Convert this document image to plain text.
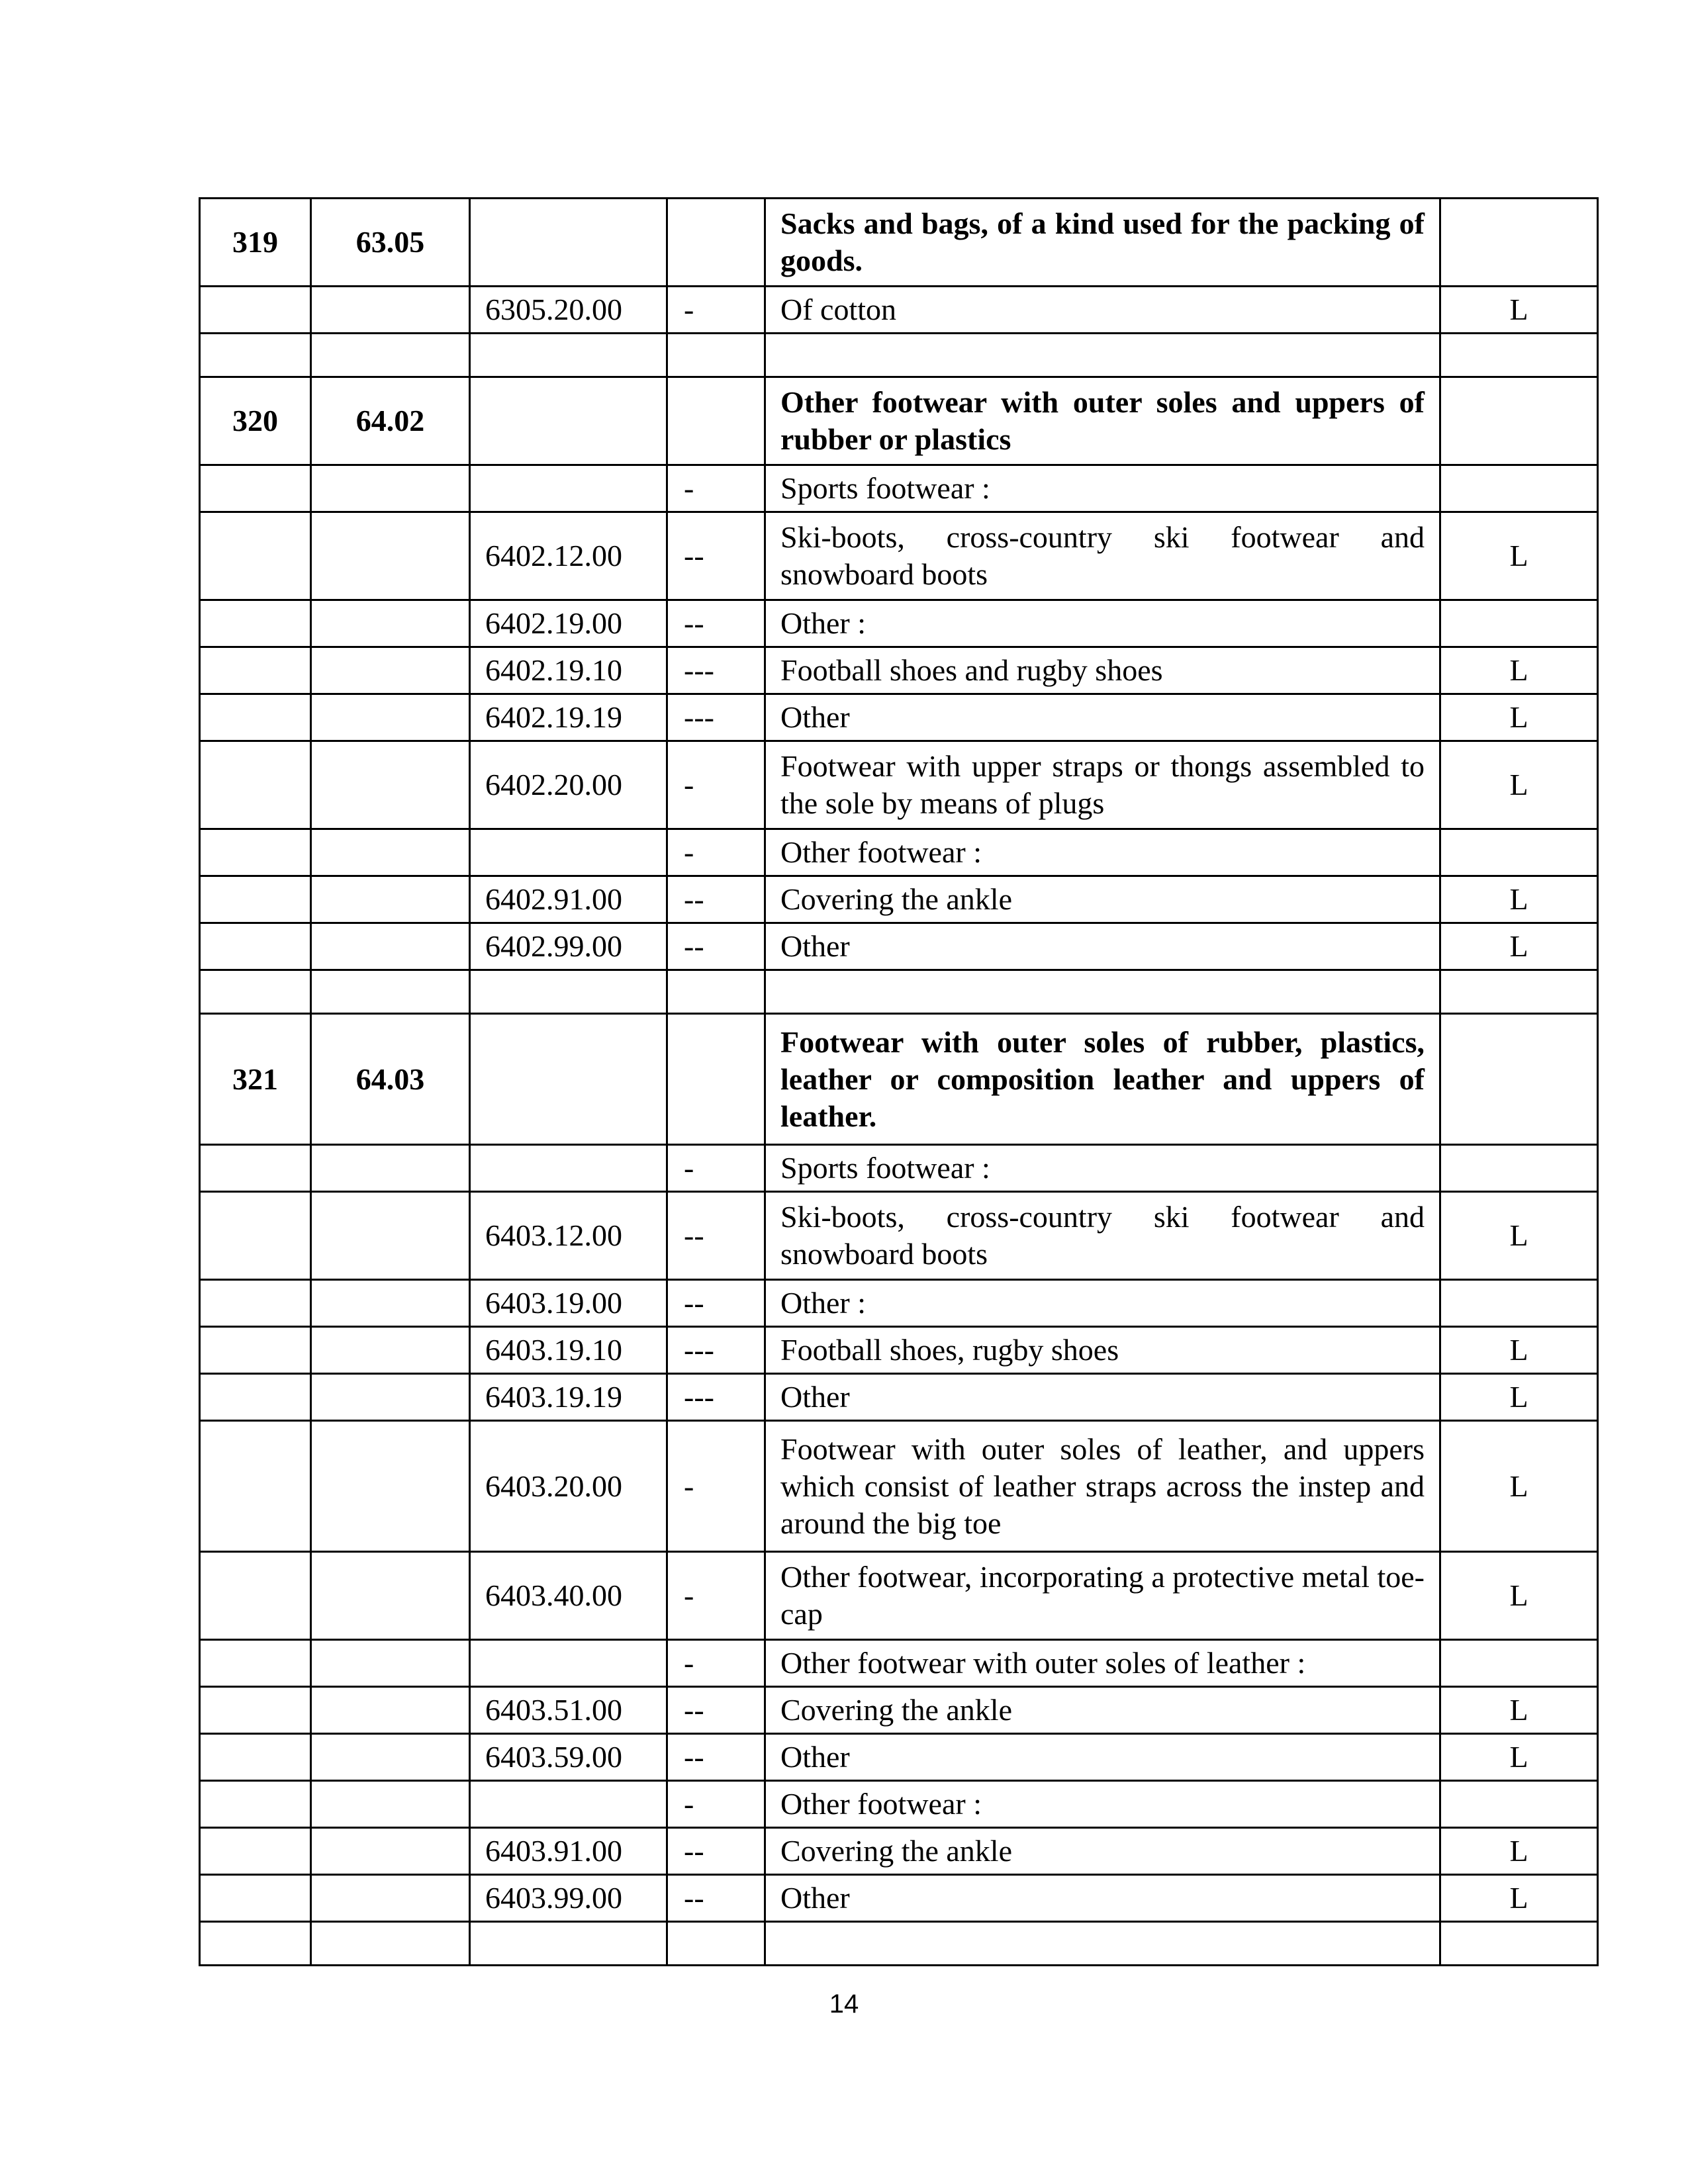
319	63.05			Sacks and bags, of a kind used for the packing of goods.	
		6305.20.00	-	Of cotton	L

320	64.02			Other footwear with outer soles and uppers of rubber or plastics	
			-	Sports footwear :	
		6402.12.00	--	Ski-boots, cross-country ski footwear and snowboard boots	L
		6402.19.00	--	Other :	
		6402.19.10	---	Football shoes and rugby shoes	L
		6402.19.19	---	Other	L
		6402.20.00	-	Footwear with upper straps or thongs assembled to the sole by means of plugs	L
			-	Other footwear :	
		6402.91.00	--	Covering the ankle	L
		6402.99.00	--	Other	L

321	64.03			Footwear with outer soles of rubber, plastics, leather or composition leather and uppers of leather.	
			-	Sports footwear :	
		6403.12.00	--	Ski-boots, cross-country ski footwear and snowboard boots	L
		6403.19.00	--	Other :	
		6403.19.10	---	Football shoes, rugby shoes	L
		6403.19.19	---	Other	L
		6403.20.00	-	Footwear with outer soles of leather, and uppers which consist of leather straps across the instep and around the big toe	L
		6403.40.00	-	Other footwear, incorporating a protective metal toe-cap	L
			-	Other footwear with outer soles of leather :	
		6403.51.00	--	Covering the ankle	L
		6403.59.00	--	Other	L
			-	Other footwear :	
		6403.91.00	--	Covering the ankle	L
		6403.99.00	--	Other	L

14
